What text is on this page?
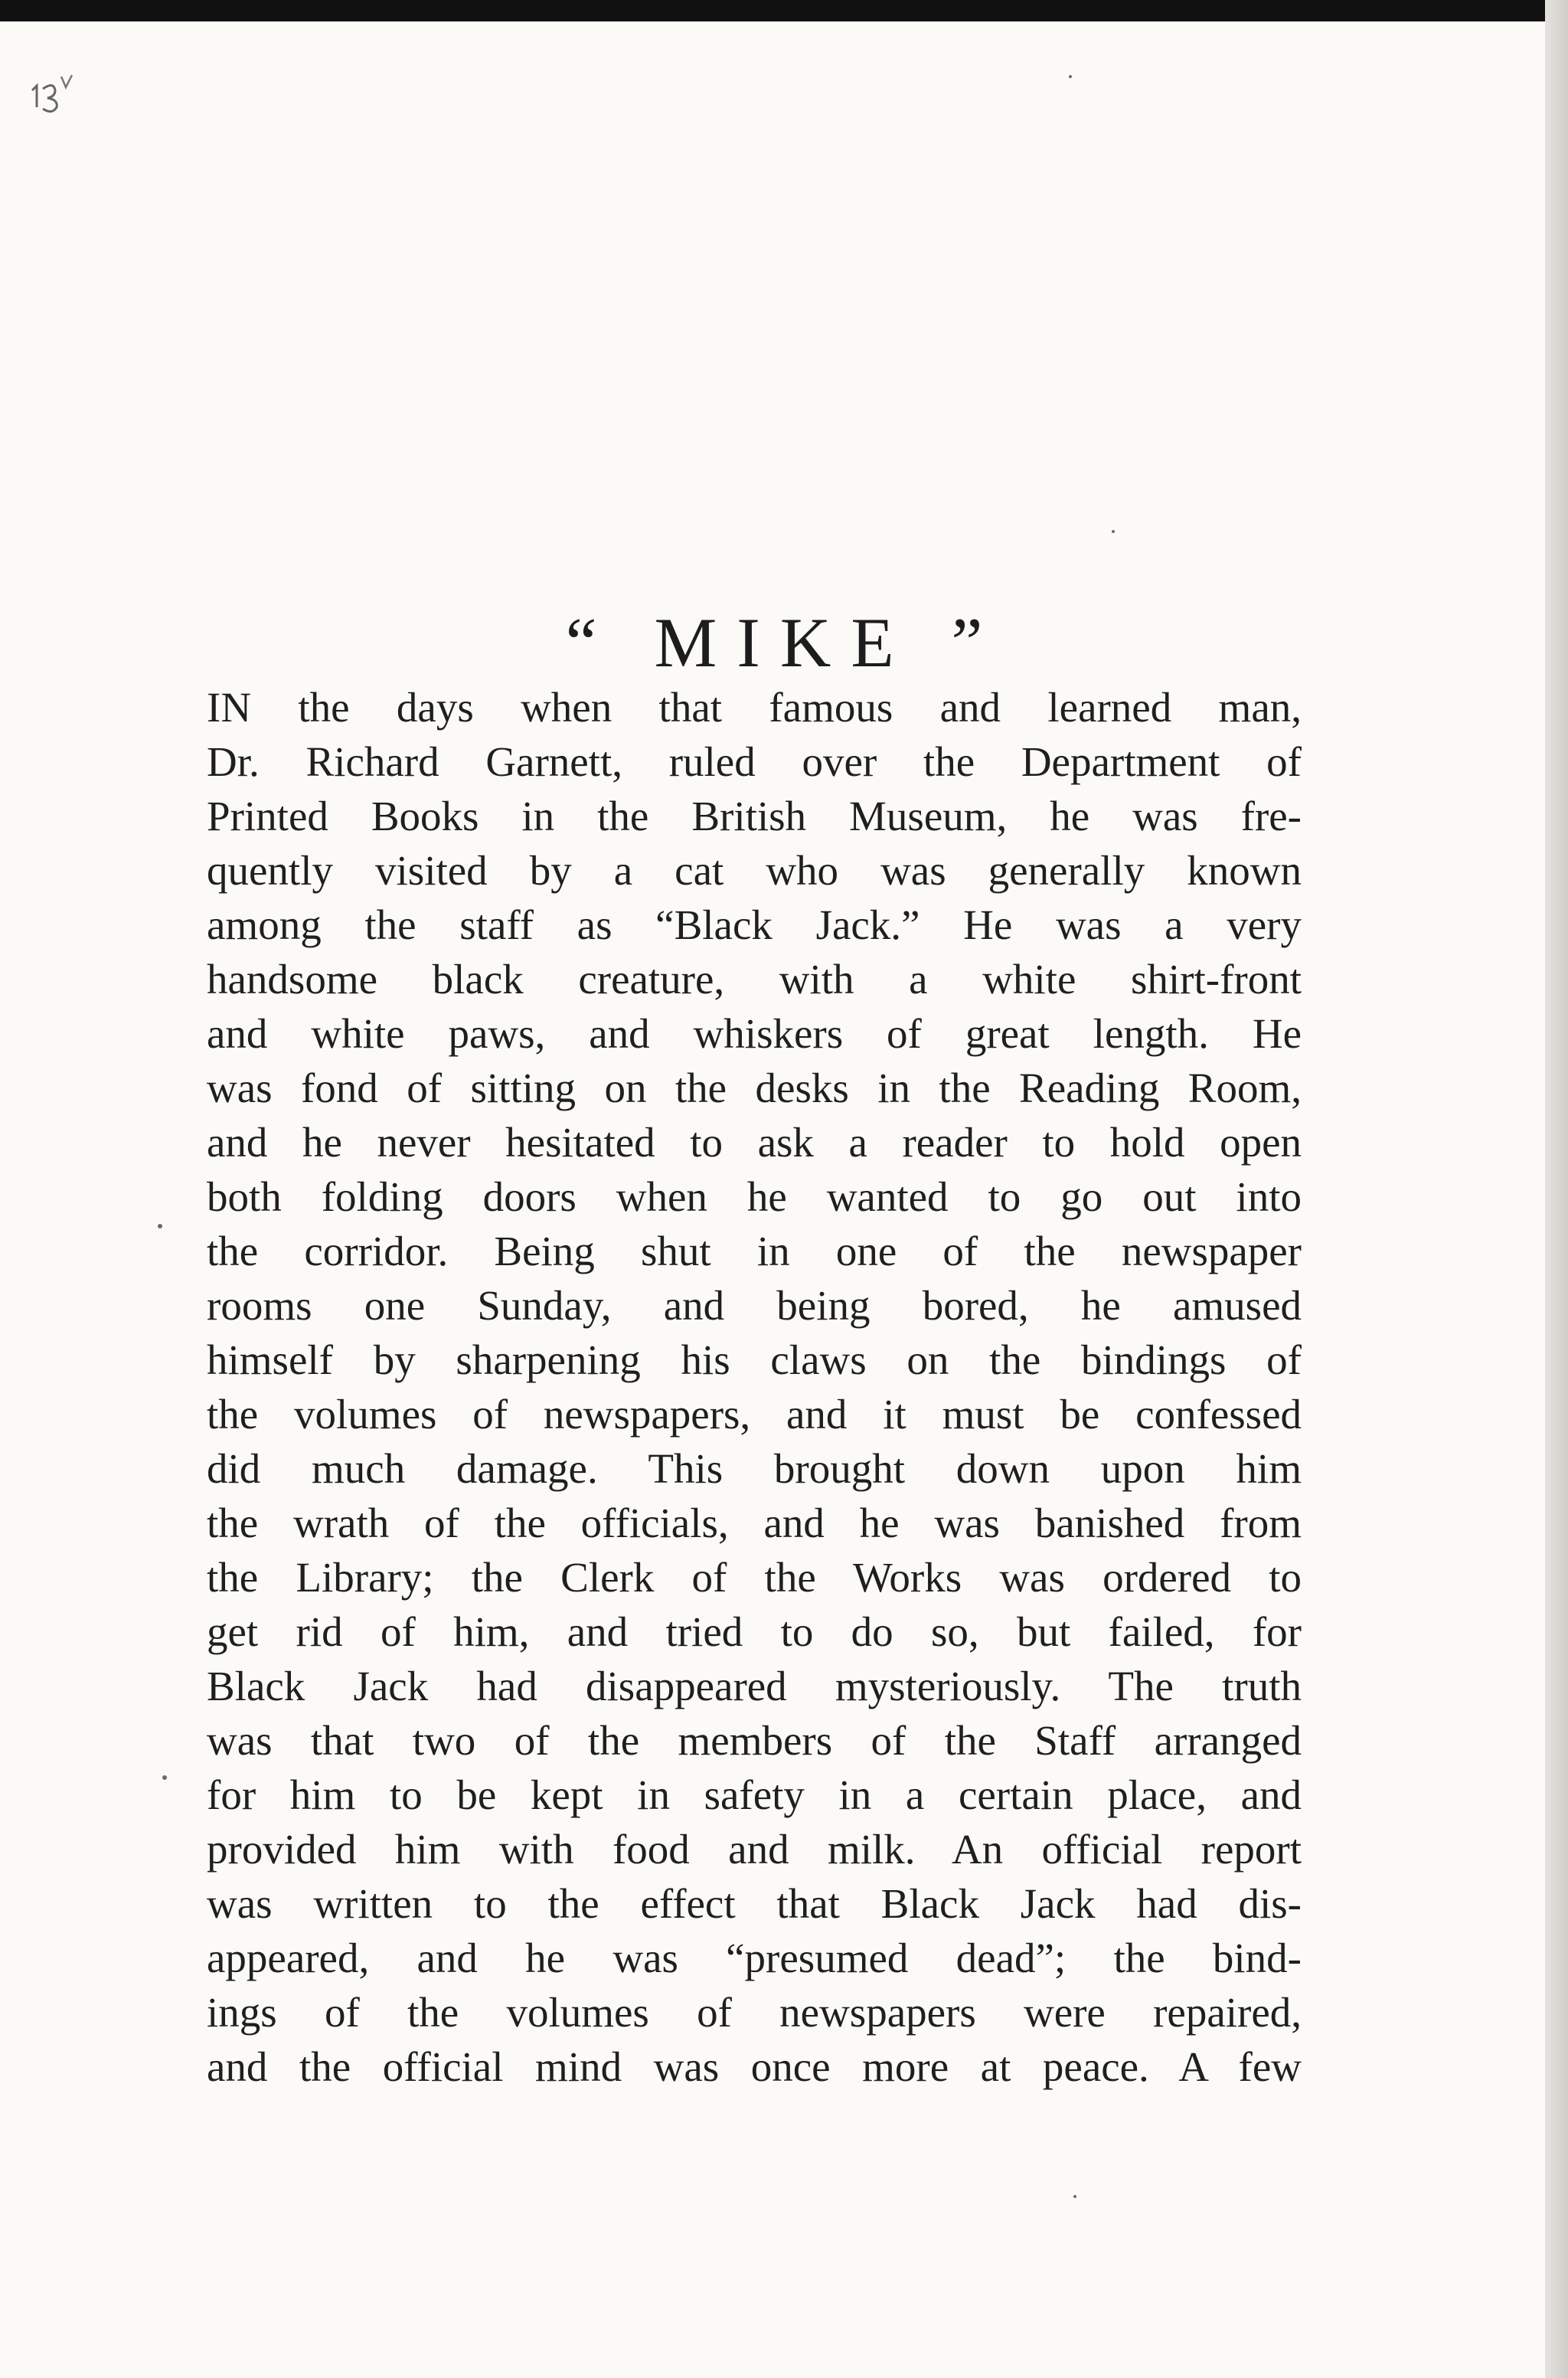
“ MIKE ”
IN the days when that famous and learned man,
Dr. Richard Garnett, ruled over the Department of
Printed Books in the British Museum, he was fre-
quently visited by a cat who was generally known
among the staff as “Black Jack.” He was a very
handsome black creature, with a white shirt-front
and white paws, and whiskers of great length. He
was fond of sitting on the desks in the Reading Room,
and he never hesitated to ask a reader to hold open
both folding doors when he wanted to go out into
the corridor. Being shut in one of the newspaper
rooms one Sunday, and being bored, he amused
himself by sharpening his claws on the bindings of
the volumes of newspapers, and it must be confessed
did much damage. This brought down upon him
the wrath of the officials, and he was banished from
the Library; the Clerk of the Works was ordered to
get rid of him, and tried to do so, but failed, for
Black Jack had disappeared mysteriously. The truth
was that two of the members of the Staff arranged
for him to be kept in safety in a certain place, and
provided him with food and milk. An official report
was written to the effect that Black Jack had dis-
appeared, and he was “presumed dead”; the bind-
ings of the volumes of newspapers were repaired,
and the official mind was once more at peace. A few
